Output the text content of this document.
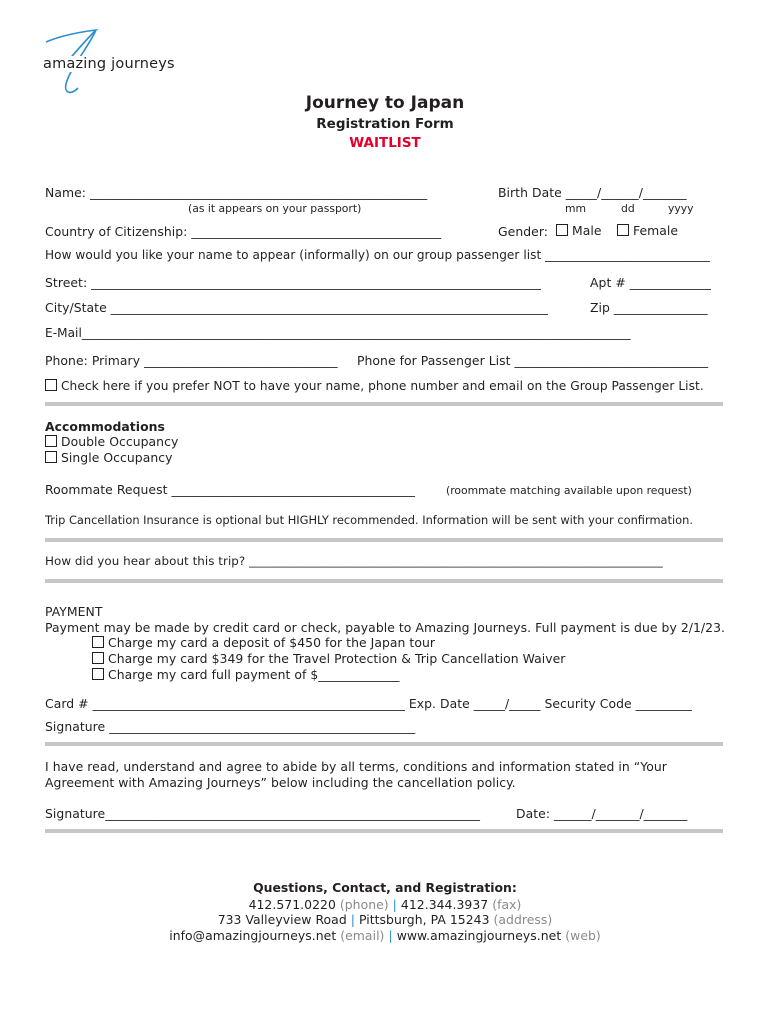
amazing journeys
Journey to Japan
Registration Form
WAITLIST
Name: ______________________________________________________
(as it appears on your passport)
Birth Date _____/______/_______
mm	dd	yyyy
Country of Citizenship: ________________________________________	Gender:	Male	Female
How would you like your name to appear (informally) on our group passenger list ___________________________
Street: ________________________________________________________________________	Apt # _____________
City/State ______________________________________________________________________	Zip _______________
E-Mail__________________________________________________________________________________________
Phone: Primary _______________________________ Phone for Passenger List _______________________________
Check here if you prefer NOT to have your name, phone number and email on the Group Passenger List.
Accommodations
Double Occupancy
Single Occupancy
Roommate Request _______________________________________	(roommate matching available upon request)
Trip Cancellation Insurance is optional but HIGHLY recommended. Information will be sent with your confirmation.
How did you hear about this trip? _____________________________________________________________________
PAYMENT
Payment may be made by credit card or check, payable to Amazing Journeys. Full payment is due by 2/1/23.
Charge my card a deposit of $450 for the Japan tour
Charge my card $349 for the Travel Protection & Trip Cancellation Waiver
Charge my card full payment of $_____________
Card # __________________________________________________ Exp. Date _____/_____ Security Code _________
Signature _________________________________________________
I have read, understand and agree to abide by all terms, conditions and information stated in “Your
Agreement with Amazing Journeys” below including the cancellation policy.
Signature____________________________________________________________	Date: ______/_______/_______
Questions, Contact, and Registration:
412.571.0220 (phone) | 412.344.3937 (fax)
733 Valleyview Road | Pittsburgh, PA 15243 (address)
info@amazingjourneys.net (email) | www.amazingjourneys.net (web)
